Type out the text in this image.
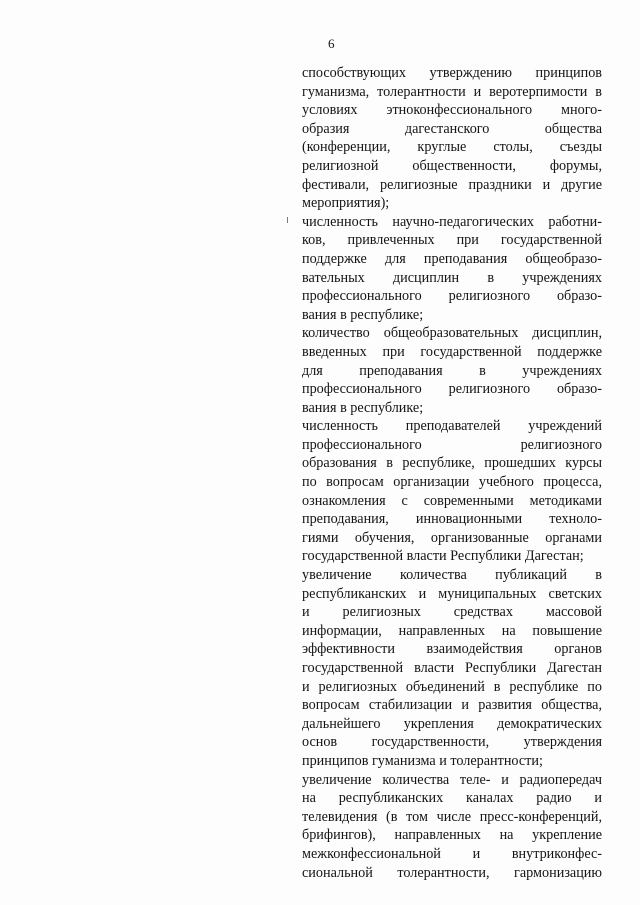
6
способствующих утверждению принципов
гуманизма, толерантности и веротерпимости в
условиях этноконфессионального много-
образия дагестанского общества
(конференции, круглые столы, съезды
религиозной общественности, форумы,
фестивали, религиозные праздники и другие
мероприятия);
численность научно-педагогических работни-
ков, привлеченных при государственной
поддержке для преподавания общеобразо-
вательных дисциплин в учреждениях
профессионального религиозного образо-
вания в республике;
количество общеобразовательных дисциплин,
введенных при государственной поддержке
для преподавания в учреждениях
профессионального религиозного образо-
вания в республике;
численность преподавателей учреждений
профессионального религиозного
образования в республике, прошедших курсы
по вопросам организации учебного процесса,
ознакомления с современными методиками
преподавания, инновационными техноло-
гиями обучения, организованные органами
государственной власти Республики Дагестан;
увеличение количества публикаций в
республиканских и муниципальных светских
и религиозных средствах массовой
информации, направленных на повышение
эффективности взаимодействия органов
государственной власти Республики Дагестан
и религиозных объединений в республике по
вопросам стабилизации и развития общества,
дальнейшего укрепления демократических
основ государственности, утверждения
принципов гуманизма и толерантности;
увеличение количества теле- и радиопередач
на республиканских каналах радио и
телевидения (в том числе пресс-конференций,
брифингов), направленных на укрепление
межконфессиональной и внутриконфес-
сиональной толерантности, гармонизацию
